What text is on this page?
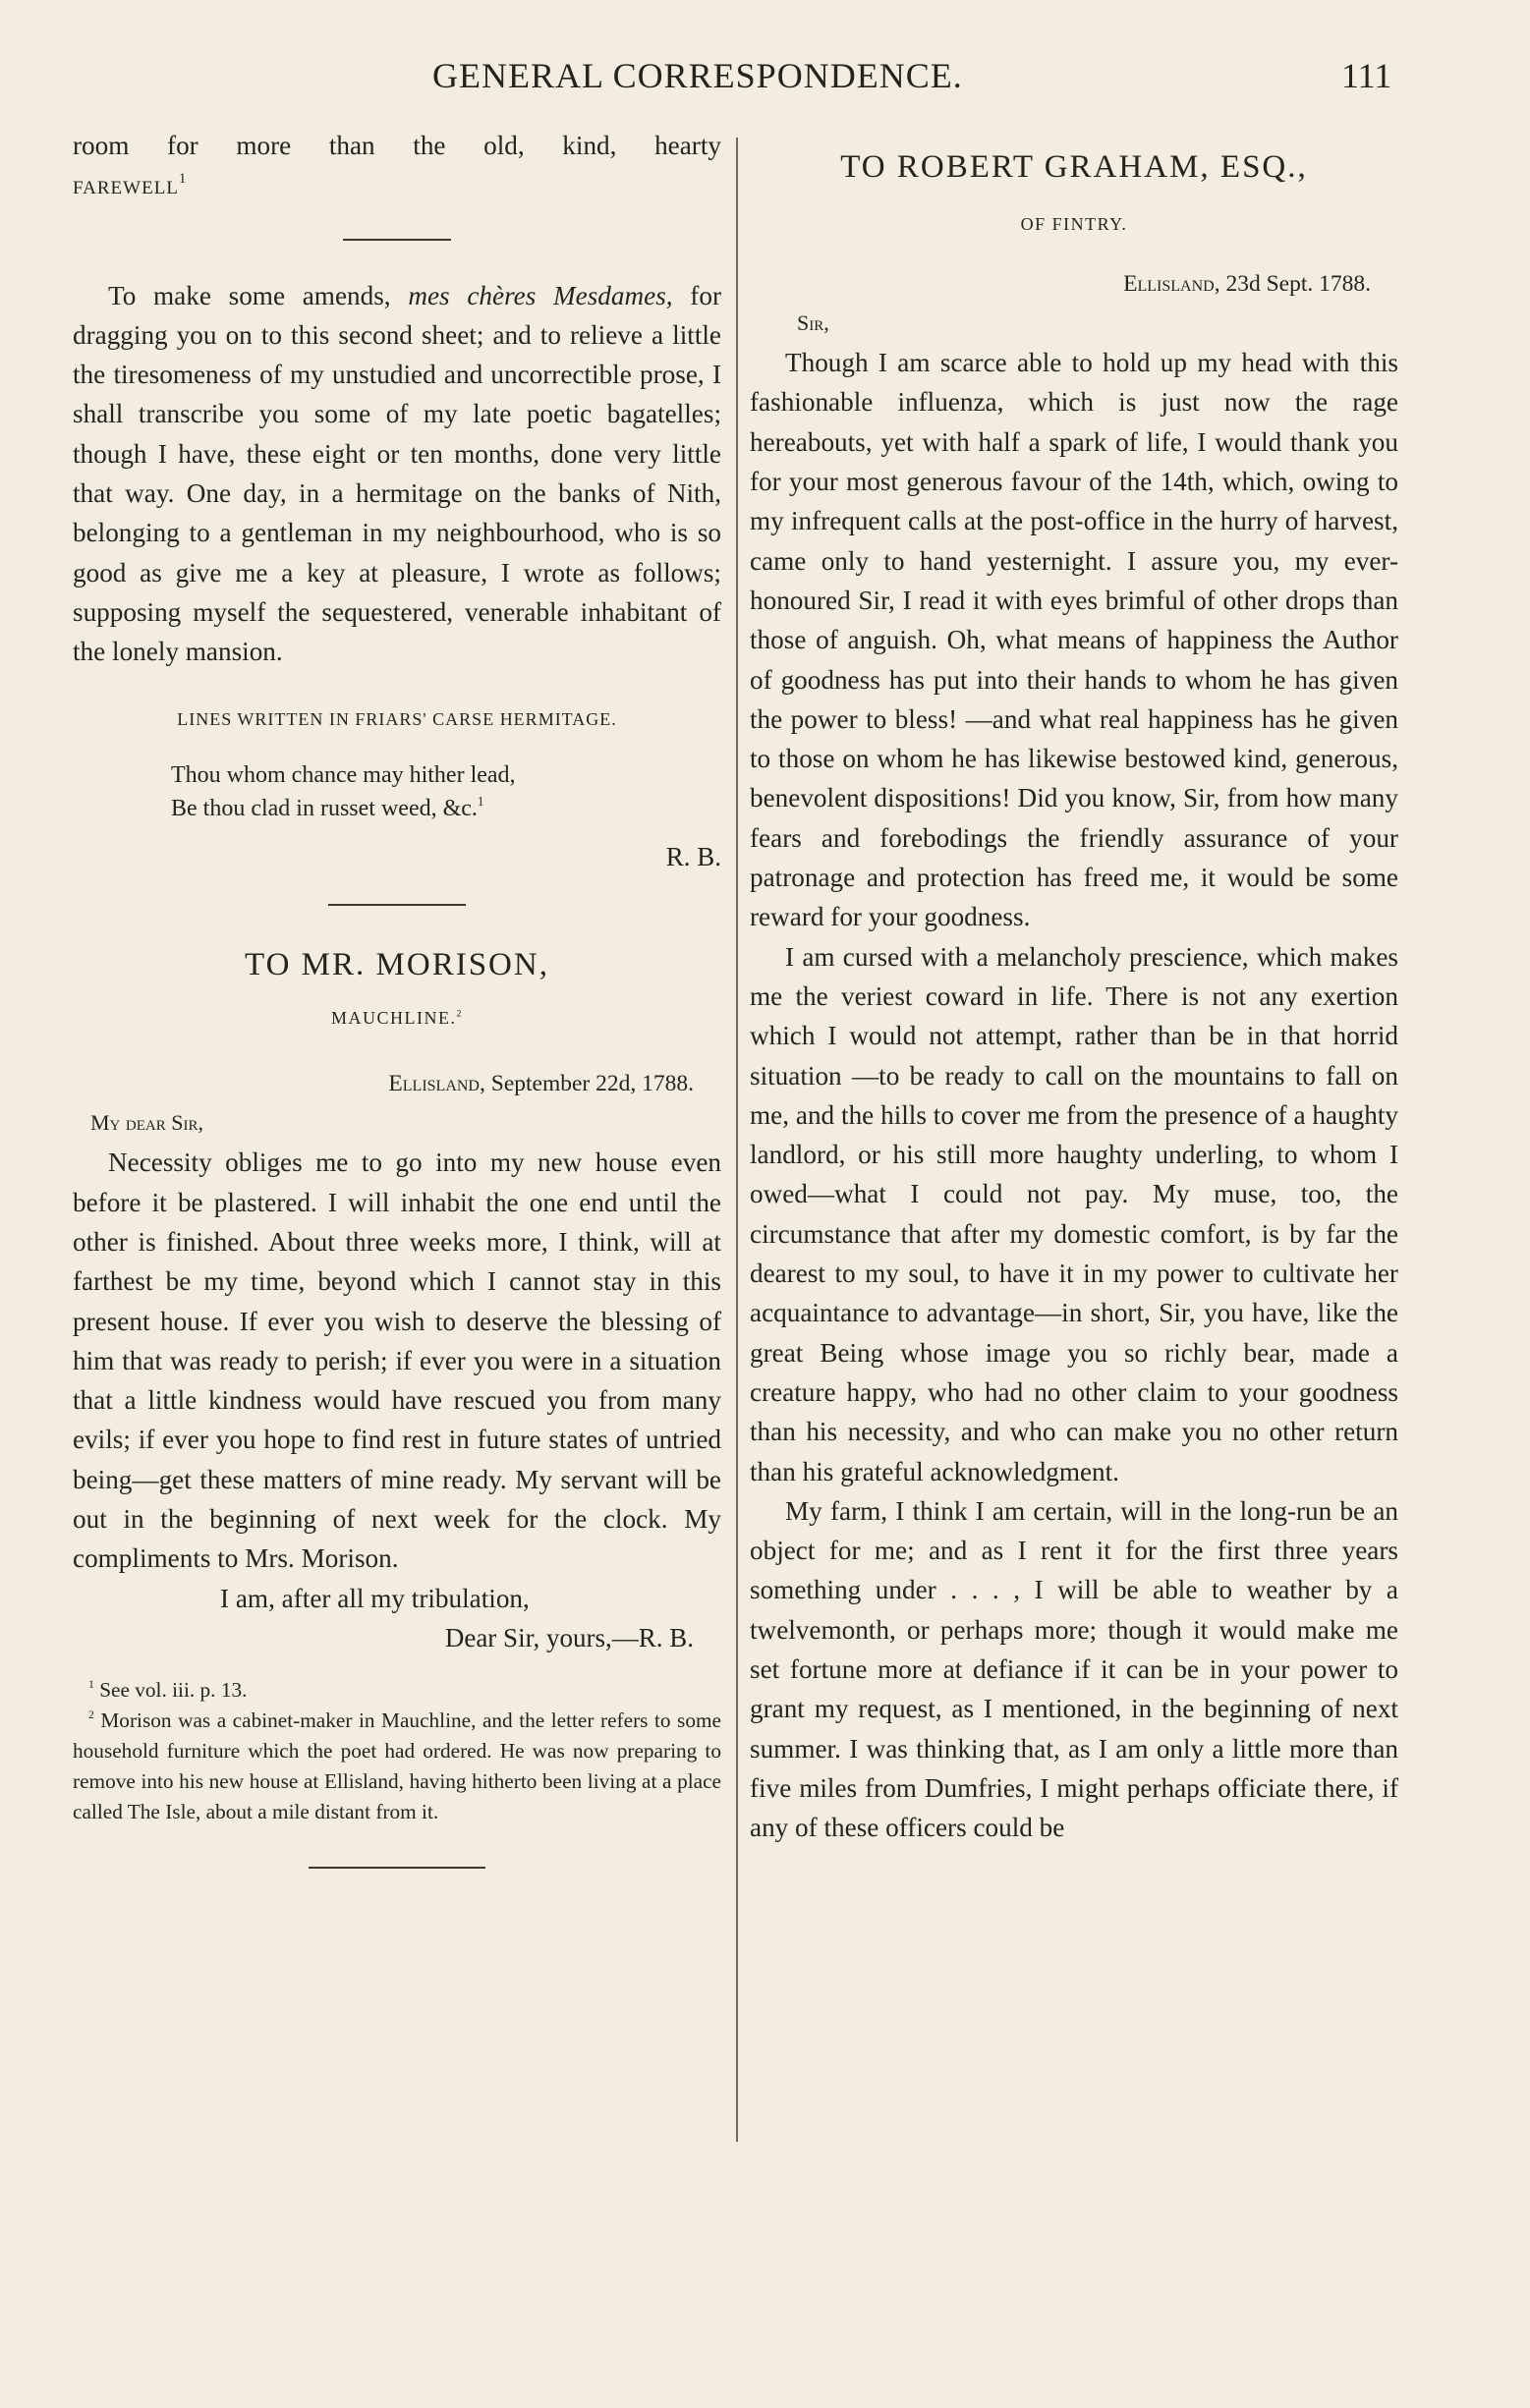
GENERAL CORRESPONDENCE.	111

room for more than the old, kind, hearty

FAREWELL$^1$

To make some amends, mes chères Mesdames, for dragging you on to this second sheet; and to relieve a little the tiresomeness of my unstudied and uncorrectible prose, I shall transcribe you some of my late poetic bagatelles; though I have, these eight or ten months, done very little that way. One day, in a hermitage on the banks of Nith, belonging to a gentleman in my neighbourhood, who is so good as give me a key at pleasure, I wrote as follows; supposing myself the sequestered, venerable inhabitant of the lonely mansion.

LINES WRITTEN IN FRIARS' CARSE HERMITAGE.

Thou whom chance may hither lead,

Be thou clad in russet weed, &c.$^1$

R. B.

TO MR. MORISON,

MAUCHLINE.$^2$

Ellisland, September 22d, 1788.

My dear Sir,

Necessity obliges me to go into my new house even before it be plastered. I will inhabit the one end until the other is finished. About three weeks more, I think, will at farthest be my time, beyond which I cannot stay in this present house. If ever you wish to deserve the blessing of him that was ready to perish; if ever you were in a situation that a little kindness would have rescued you from many evils; if ever you hope to find rest in future states of untried being—get these matters of mine ready. My servant will be out in the beginning of next week for the clock. My compliments to Mrs. Morison.

I am, after all my tribulation,

Dear Sir, yours,—R. B.

$^1$ See vol. iii. p. 13.

$^2$ Morison was a cabinet-maker in Mauchline, and the letter refers to some household furniture which the poet had ordered. He was now preparing to remove into his new house at Ellisland, having hitherto been living at a place called The Isle, about a mile distant from it.

TO ROBERT GRAHAM, ESQ.,

OF FINTRY.

Ellisland, 23d Sept. 1788.

Sir,

Though I am scarce able to hold up my head with this fashionable influenza, which is just now the rage hereabouts, yet with half a spark of life, I would thank you for your most generous favour of the 14th, which, owing to my infrequent calls at the post-office in the hurry of harvest, came only to hand yesternight. I assure you, my ever-honoured Sir, I read it with eyes brimful of other drops than those of anguish. Oh, what means of happiness the Author of goodness has put into their hands to whom he has given the power to bless! —and what real happiness has he given to those on whom he has likewise bestowed kind, generous, benevolent dispositions! Did you know, Sir, from how many fears and forebodings the friendly assurance of your patronage and protection has freed me, it would be some reward for your goodness.

I am cursed with a melancholy prescience, which makes me the veriest coward in life. There is not any exertion which I would not attempt, rather than be in that horrid situation —to be ready to call on the mountains to fall on me, and the hills to cover me from the presence of a haughty landlord, or his still more haughty underling, to whom I owed—what I could not pay. My muse, too, the circumstance that after my domestic comfort, is by far the dearest to my soul, to have it in my power to cultivate her acquaintance to advantage—in short, Sir, you have, like the great Being whose image you so richly bear, made a creature happy, who had no other claim to your goodness than his necessity, and who can make you no other return than his grateful acknowledgment.

My farm, I think I am certain, will in the long-run be an object for me; and as I rent it for the first three years something under . . . , I will be able to weather by a twelvemonth, or perhaps more; though it would make me set fortune more at defiance if it can be in your power to grant my request, as I mentioned, in the beginning of next summer. I was thinking that, as I am only a little more than five miles from Dumfries, I might perhaps officiate there, if any of these officers could be
